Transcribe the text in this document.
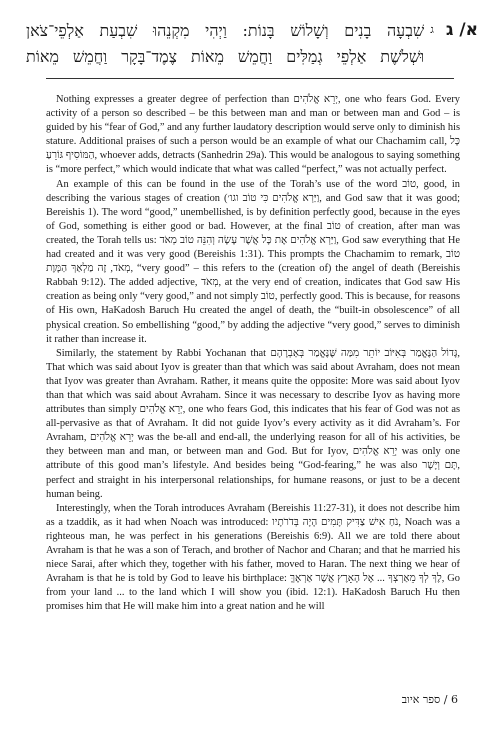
א/ ג
ג
שִׁבְעָה בָנִים וְשָׁלוֹשׁ בָּנוֹת: וַיְהִי מִקְנֵהוּ שִׁבְעַת אַלְפֵי־צֹאן
וּשְׁלֹשֶׁת אַלְפֵי גְמַלִּים וַחֲמֵשׁ מֵאוֹת צֶמֶד־בָּקָר וַחֲמֵשׁ מֵאוֹת

Nothing expresses a greater degree of perfection than יְרֵא אֱלֹהִים, one who fears God. Every activity of a person so described – be this between man and man or between man and God – is guided by his “fear of God,” and any further laudatory description would serve only to diminish his stature. Additional praises of such a person would be an example of what our Chachamim call, כָּל הַמּוֹסִיף גּוֹרֵעַ, whoever adds, detracts (Sanhedrin 29a). This would be analogous to saying something is “more perfect,” which would indicate that what was called “perfect,” was not actually perfect.

An example of this can be found in the use of the Torah’s use of the word טוֹב, good, in describing the various stages of creation (וַיַּרְא אֱלֹהִים כִּי טוֹב וגו׳, and God saw that it was good; Bereishis 1). The word “good,” unembellished, is by definition perfectly good, because in the eyes of God, something is either good or bad. However, at the final טוֹב of creation, after man was created, the Torah tells us: וַיַּרְא אֱלֹהִים אֶת כָּל אֲשֶׁר עָשָׂה וְהִנֵּה טוֹב מְאֹד, God saw everything that He had created and it was very good (Bereishis 1:31). This prompts the Chachamim to remark, טוֹב מְאֹד, זֶה מַלְאַךְ הַמָּוֶת, “very good” – this refers to the (creation of) the angel of death (Bereishis Rabbah 9:12). The added adjective, מְאֹד, at the very end of creation, indicates that God saw His creation as being only “very good,” and not simply טוֹב, perfectly good. This is because, for reasons of His own, HaKadosh Baruch Hu created the angel of death, the “built-in obsolescence” of all physical creation. So embellishing “good,” by adding the adjective “very good,” serves to diminish it rather than increase it.

Similarly, the statement by Rabbi Yochanan that גָּדוֹל הַנֶּאֱמַר בְּאִיּוֹב יוֹתֵר מִמַּה שֶּׁנֶּאֱמַר בְּאַבְרָהָם, That which was said about Iyov is greater than that which was said about Avraham, does not mean that Iyov was greater than Avraham. Rather, it means quite the opposite: More was said about Iyov than that which was said about Avraham. Since it was necessary to describe Iyov as having more attributes than simply יְרֵא אֱלֹהִים, one who fears God, this indicates that his fear of God was not as all-pervasive as that of Avraham. It did not guide Iyov’s every activity as it did Avraham’s. For Avraham, יְרֵא אֱלֹהִים was the be-all and end-all, the underlying reason for all of his activities, be they between man and man, or between man and God. But for Iyov, יְרֵא אֱלֹהִים was only one attribute of this good man’s lifestyle. And besides being “God-fearing,” he was also תָּם וְיָשָׁר, perfect and straight in his interpersonal relationships, for humane reasons, or just to be a decent human being.

Interestingly, when the Torah introduces Avraham (Bereishis 11:27-31), it does not describe him as a tzaddik, as it had when Noach was introduced: נֹחַ אִישׁ צַדִּיק תָּמִים הָיָה בְּדֹרֹתָיו, Noach was a righteous man, he was perfect in his generations (Bereishis 6:9). All we are told there about Avraham is that he was a son of Terach, and brother of Nachor and Charan; and that he married his niece Sarai, after which they, together with his father, moved to Haran. The next thing we hear of Avraham is that he is told by God to leave his birthplace: לֶךְ לְךָ מֵאַרְצְךָ ... אֶל הָאָרֶץ אֲשֶׁר אַרְאֶךָּ, Go from your land ... to the land which I will show you (ibid. 12:1). HaKadosh Baruch Hu then promises him that He will make him into a great nation and he will

6 / ספר איוב
